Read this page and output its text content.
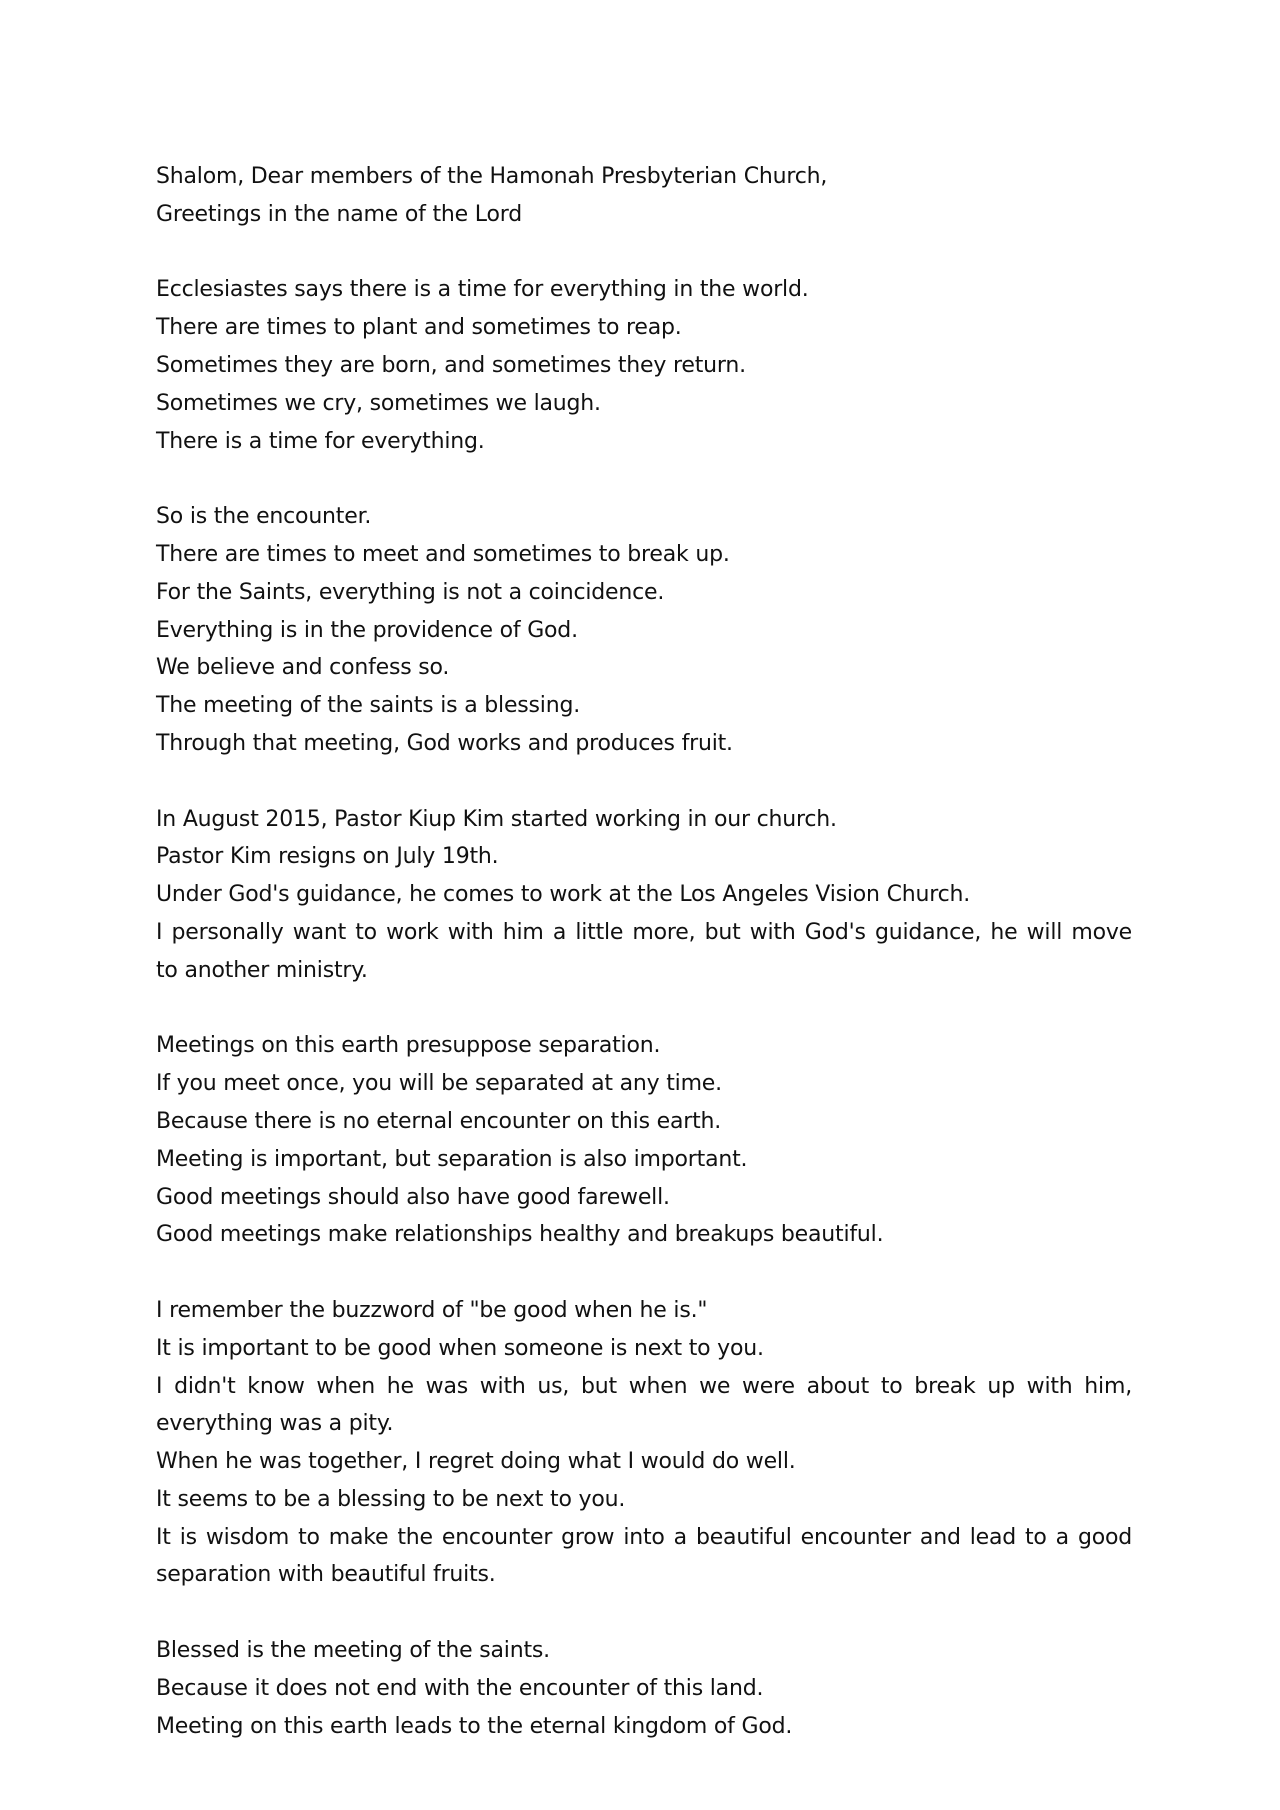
Shalom, Dear members of the Hamonah Presbyterian Church,
Greetings in the name of the Lord
Ecclesiastes says there is a time for everything in the world.
There are times to plant and sometimes to reap.
Sometimes they are born, and sometimes they return.
Sometimes we cry, sometimes we laugh.
There is a time for everything.
So is the encounter.
There are times to meet and sometimes to break up.
For the Saints, everything is not a coincidence.
Everything is in the providence of God.
We believe and confess so.
The meeting of the saints is a blessing.
Through that meeting, God works and produces fruit.
In August 2015, Pastor Kiup Kim started working in our church.
Pastor Kim resigns on July 19th.
Under God's guidance, he comes to work at the Los Angeles Vision Church.
I personally want to work with him a little more, but with God's guidance, he will move
to another ministry.
Meetings on this earth presuppose separation.
If you meet once, you will be separated at any time.
Because there is no eternal encounter on this earth.
Meeting is important, but separation is also important.
Good meetings should also have good farewell.
Good meetings make relationships healthy and breakups beautiful.
I remember the buzzword of "be good when he is."
It is important to be good when someone is next to you.
I didn't know when he was with us, but when we were about to break up with him,
everything was a pity.
When he was together, I regret doing what I would do well.
It seems to be a blessing to be next to you.
It is wisdom to make the encounter grow into a beautiful encounter and lead to a good
separation with beautiful fruits.
Blessed is the meeting of the saints.
Because it does not end with the encounter of this land.
Meeting on this earth leads to the eternal kingdom of God.
